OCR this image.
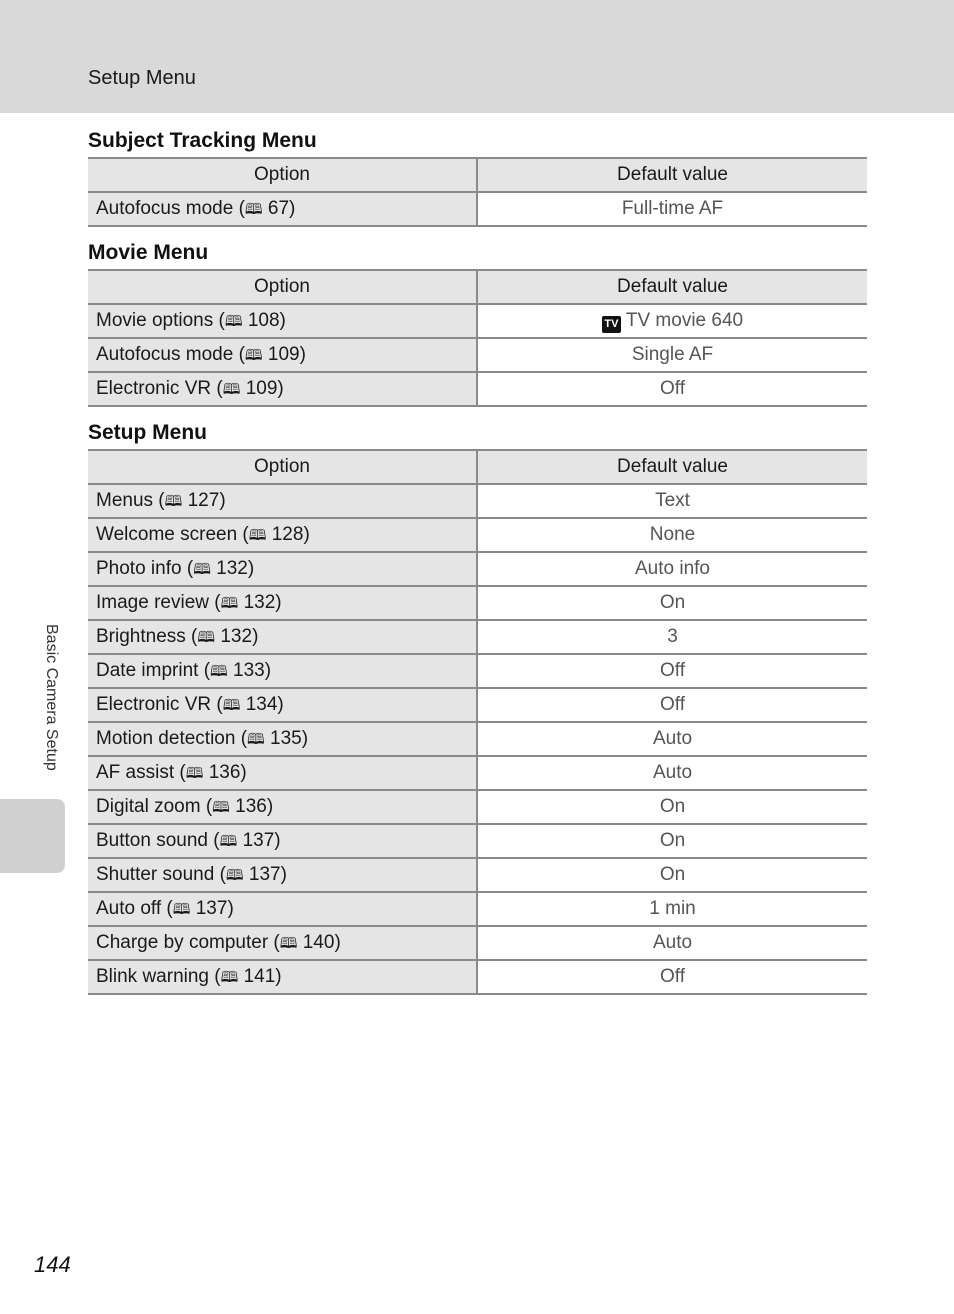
Setup Menu
Subject Tracking Menu
Option	Default value
Autofocus mode (🕮 67)	Full-time AF
Movie Menu
Option	Default value
Movie options (🕮 108)	TV TV movie 640
Autofocus mode (🕮 109)	Single AF
Electronic VR (🕮 109)	Off
Setup Menu
Option	Default value
Menus (🕮 127)	Text
Welcome screen (🕮 128)	None
Photo info (🕮 132)	Auto info
Image review (🕮 132)	On
Brightness (🕮 132)	3
Date imprint (🕮 133)	Off
Electronic VR (🕮 134)	Off
Motion detection (🕮 135)	Auto
AF assist (🕮 136)	Auto
Digital zoom (🕮 136)	On
Button sound (🕮 137)	On
Shutter sound (🕮 137)	On
Auto off (🕮 137)	1 min
Charge by computer (🕮 140)	Auto
Blink warning (🕮 141)	Off
Basic Camera Setup
144
